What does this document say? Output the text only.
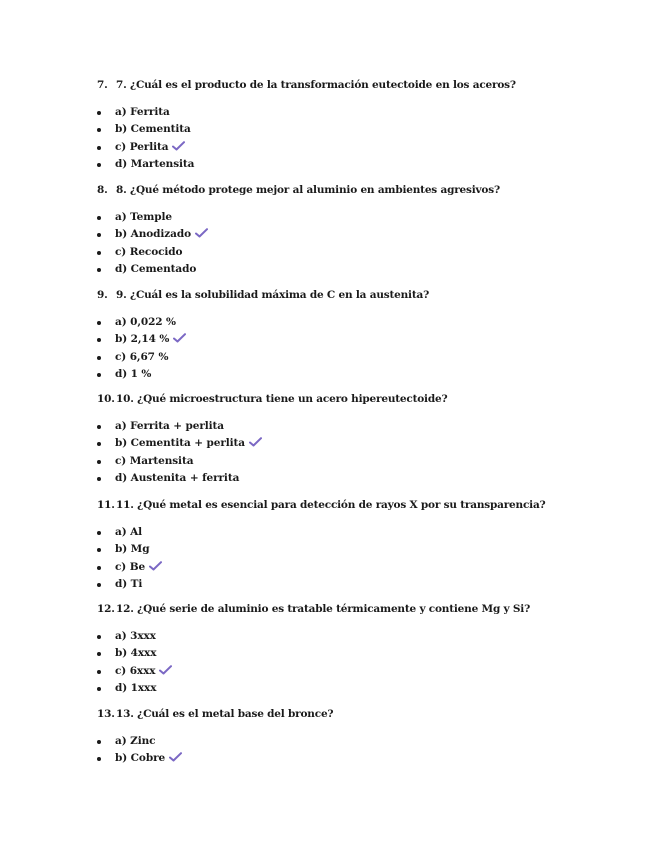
7. 7. ¿Cuál es el producto de la transformación eutectoide en los aceros?
a) Ferrita
b) Cementita
c) Perlita
d) Martensita
8. 8. ¿Qué método protege mejor al aluminio en ambientes agresivos?
a) Temple
b) Anodizado
c) Recocido
d) Cementado
9. 9. ¿Cuál es la solubilidad máxima de C en la austenita?
a) 0,022 %
b) 2,14 %
c) 6,67 %
d) 1 %
10.10. ¿Qué microestructura tiene un acero hipereutectoide?
a) Ferrita + perlita
b) Cementita + perlita
c) Martensita
d) Austenita + ferrita
11.11. ¿Qué metal es esencial para detección de rayos X por su transparencia?
a) Al
b) Mg
c) Be
d) Ti
12.12. ¿Qué serie de aluminio es tratable térmicamente y contiene Mg y Si?
a) 3xxx
b) 4xxx
c) 6xxx
d) 1xxx
13.13. ¿Cuál es el metal base del bronce?
a) Zinc
b) Cobre
